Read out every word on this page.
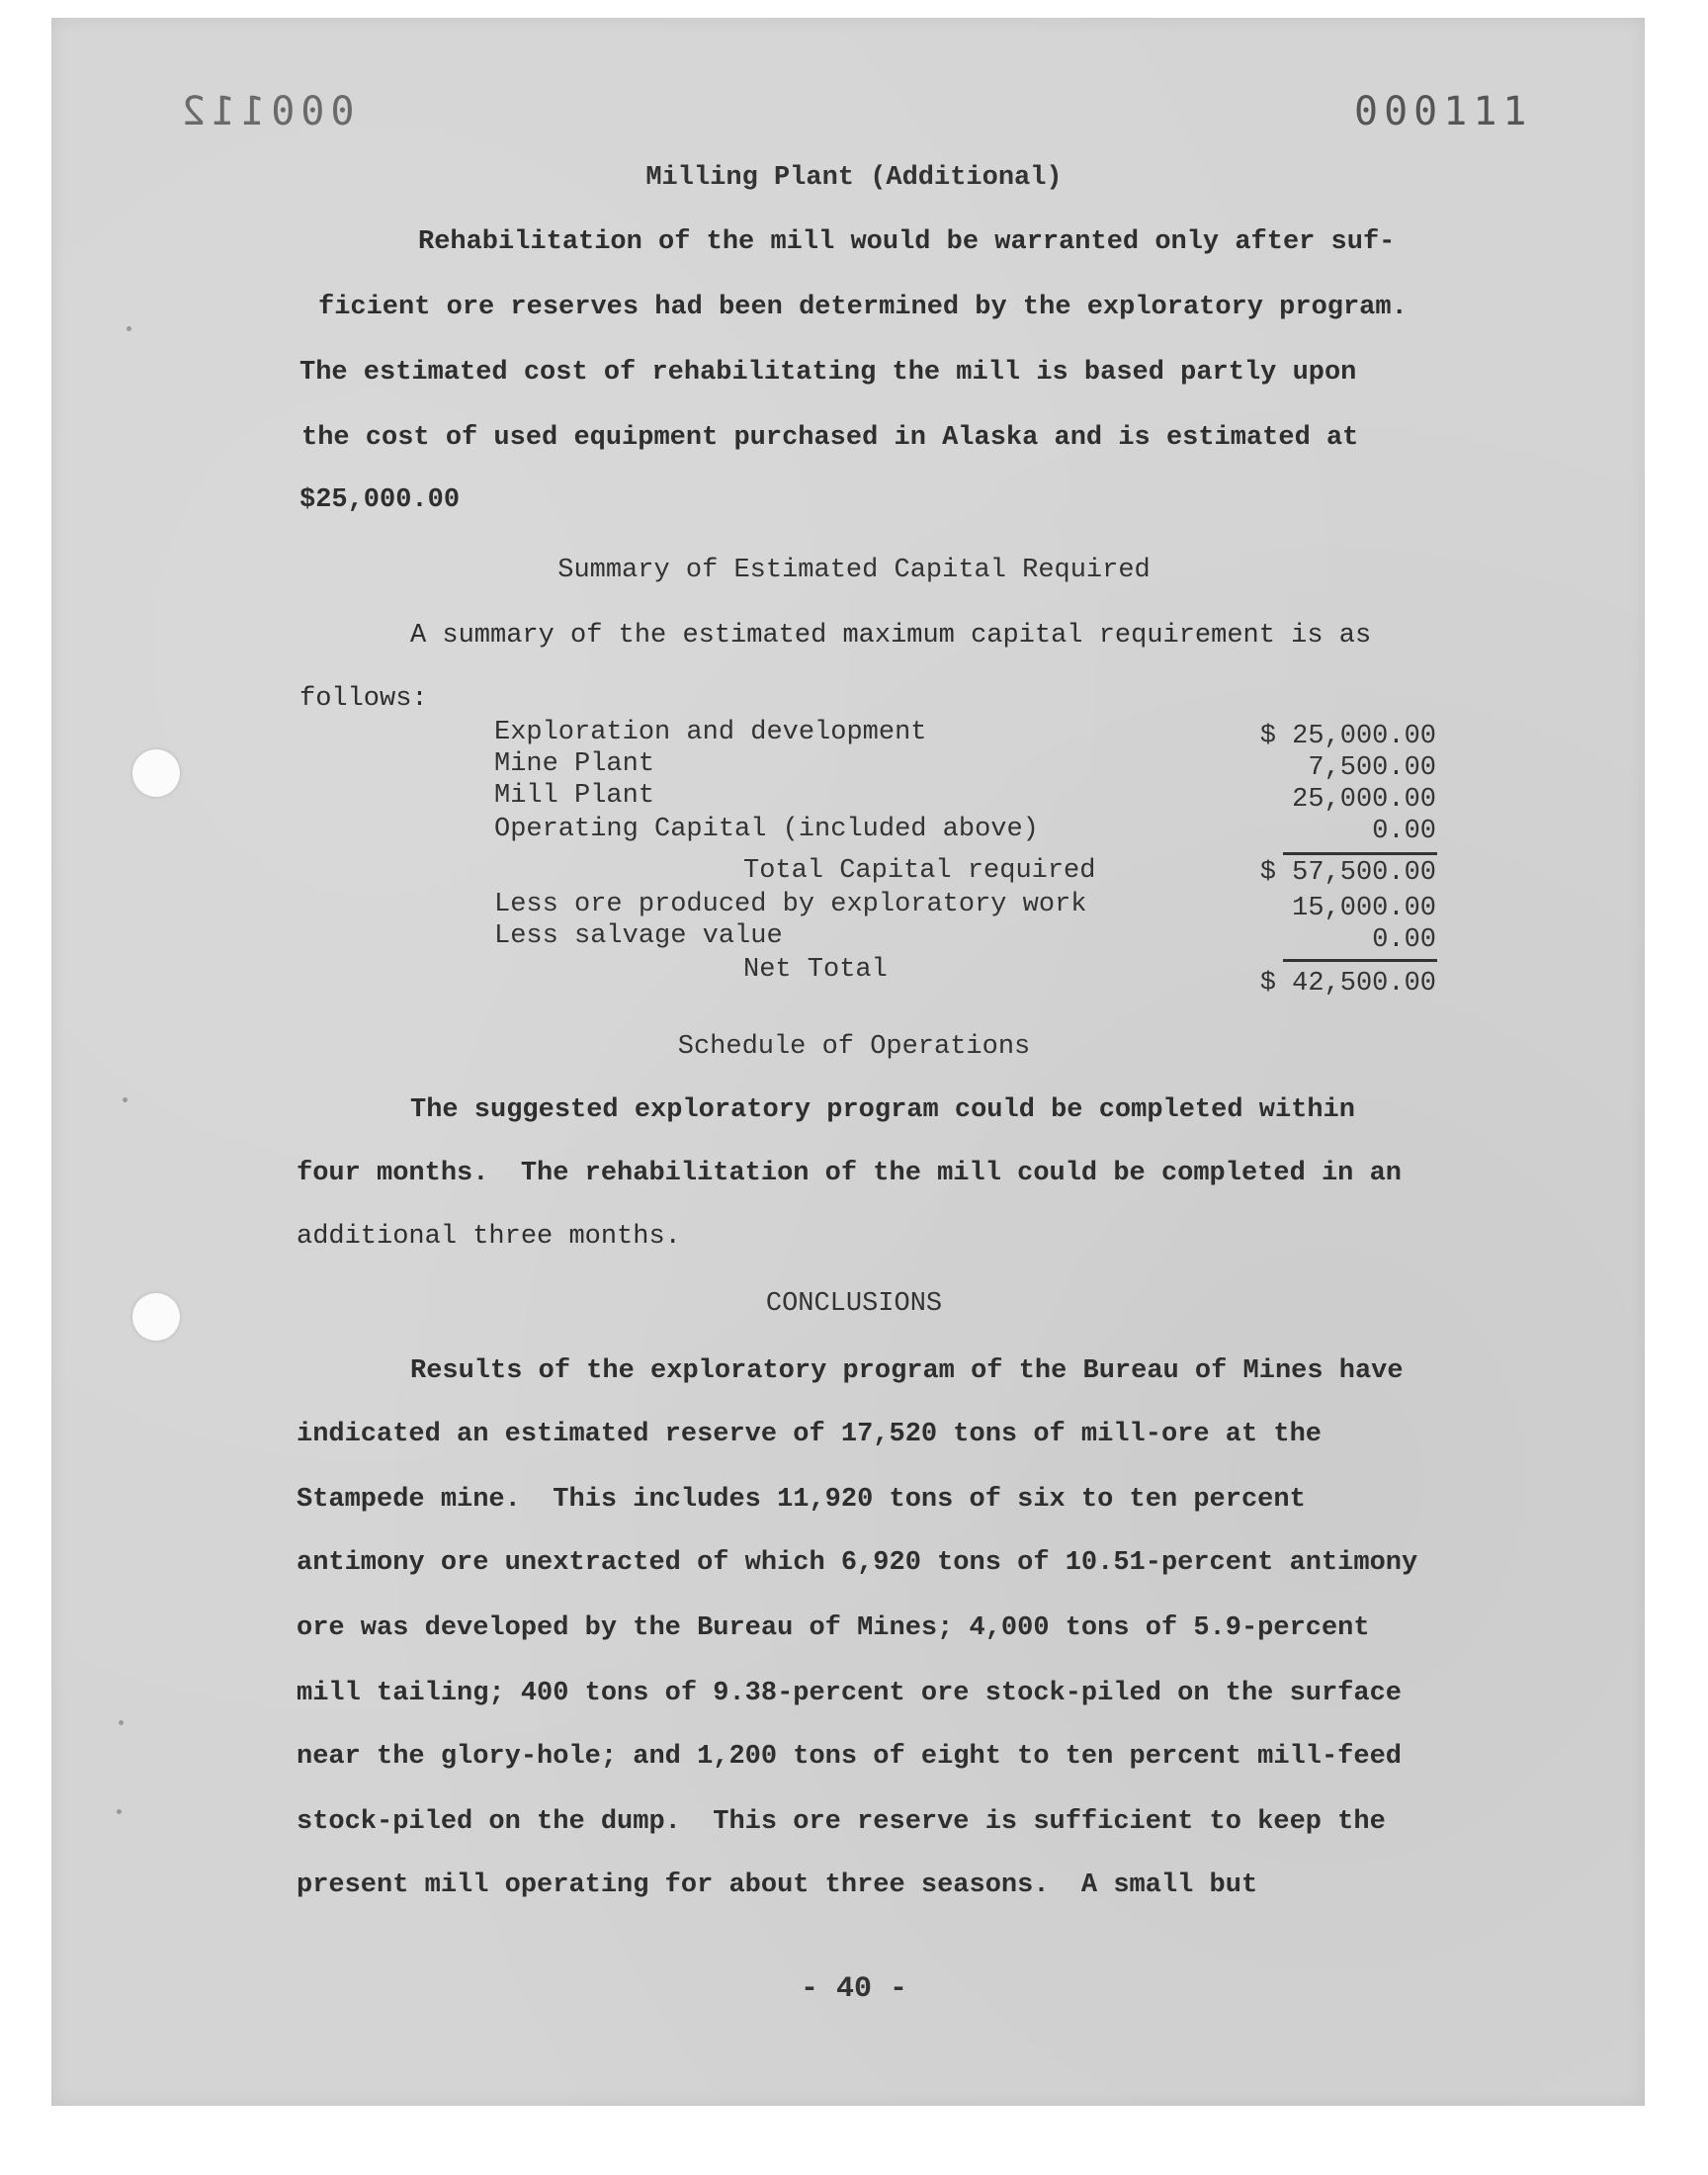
000112	000111
Milling Plant (Additional)
Rehabilitation of the mill would be warranted only after suf-
ficient ore reserves had been determined by the exploratory program.
The estimated cost of rehabilitating the mill is based partly upon
the cost of used equipment purchased in Alaska and is estimated at
$25,000.00
Summary of Estimated Capital Required
A summary of the estimated maximum capital requirement is as
follows:
Exploration and development	$ 25,000.00
Mine Plant	7,500.00
Mill Plant	25,000.00
Operating Capital (included above)	0.00
Total Capital required	$ 57,500.00
Less ore produced by exploratory work	15,000.00
Less salvage value	0.00
Net Total	$ 42,500.00
Schedule of Operations
The suggested exploratory program could be completed within
four months.  The rehabilitation of the mill could be completed in an
additional three months.
CONCLUSIONS
Results of the exploratory program of the Bureau of Mines have
indicated an estimated reserve of 17,520 tons of mill-ore at the
Stampede mine.  This includes 11,920 tons of six to ten percent
antimony ore unextracted of which 6,920 tons of 10.51-percent antimony
ore was developed by the Bureau of Mines; 4,000 tons of 5.9-percent
mill tailing; 400 tons of 9.38-percent ore stock-piled on the surface
near the glory-hole; and 1,200 tons of eight to ten percent mill-feed
stock-piled on the dump.  This ore reserve is sufficient to keep the
present mill operating for about three seasons.  A small but
- 40 -
